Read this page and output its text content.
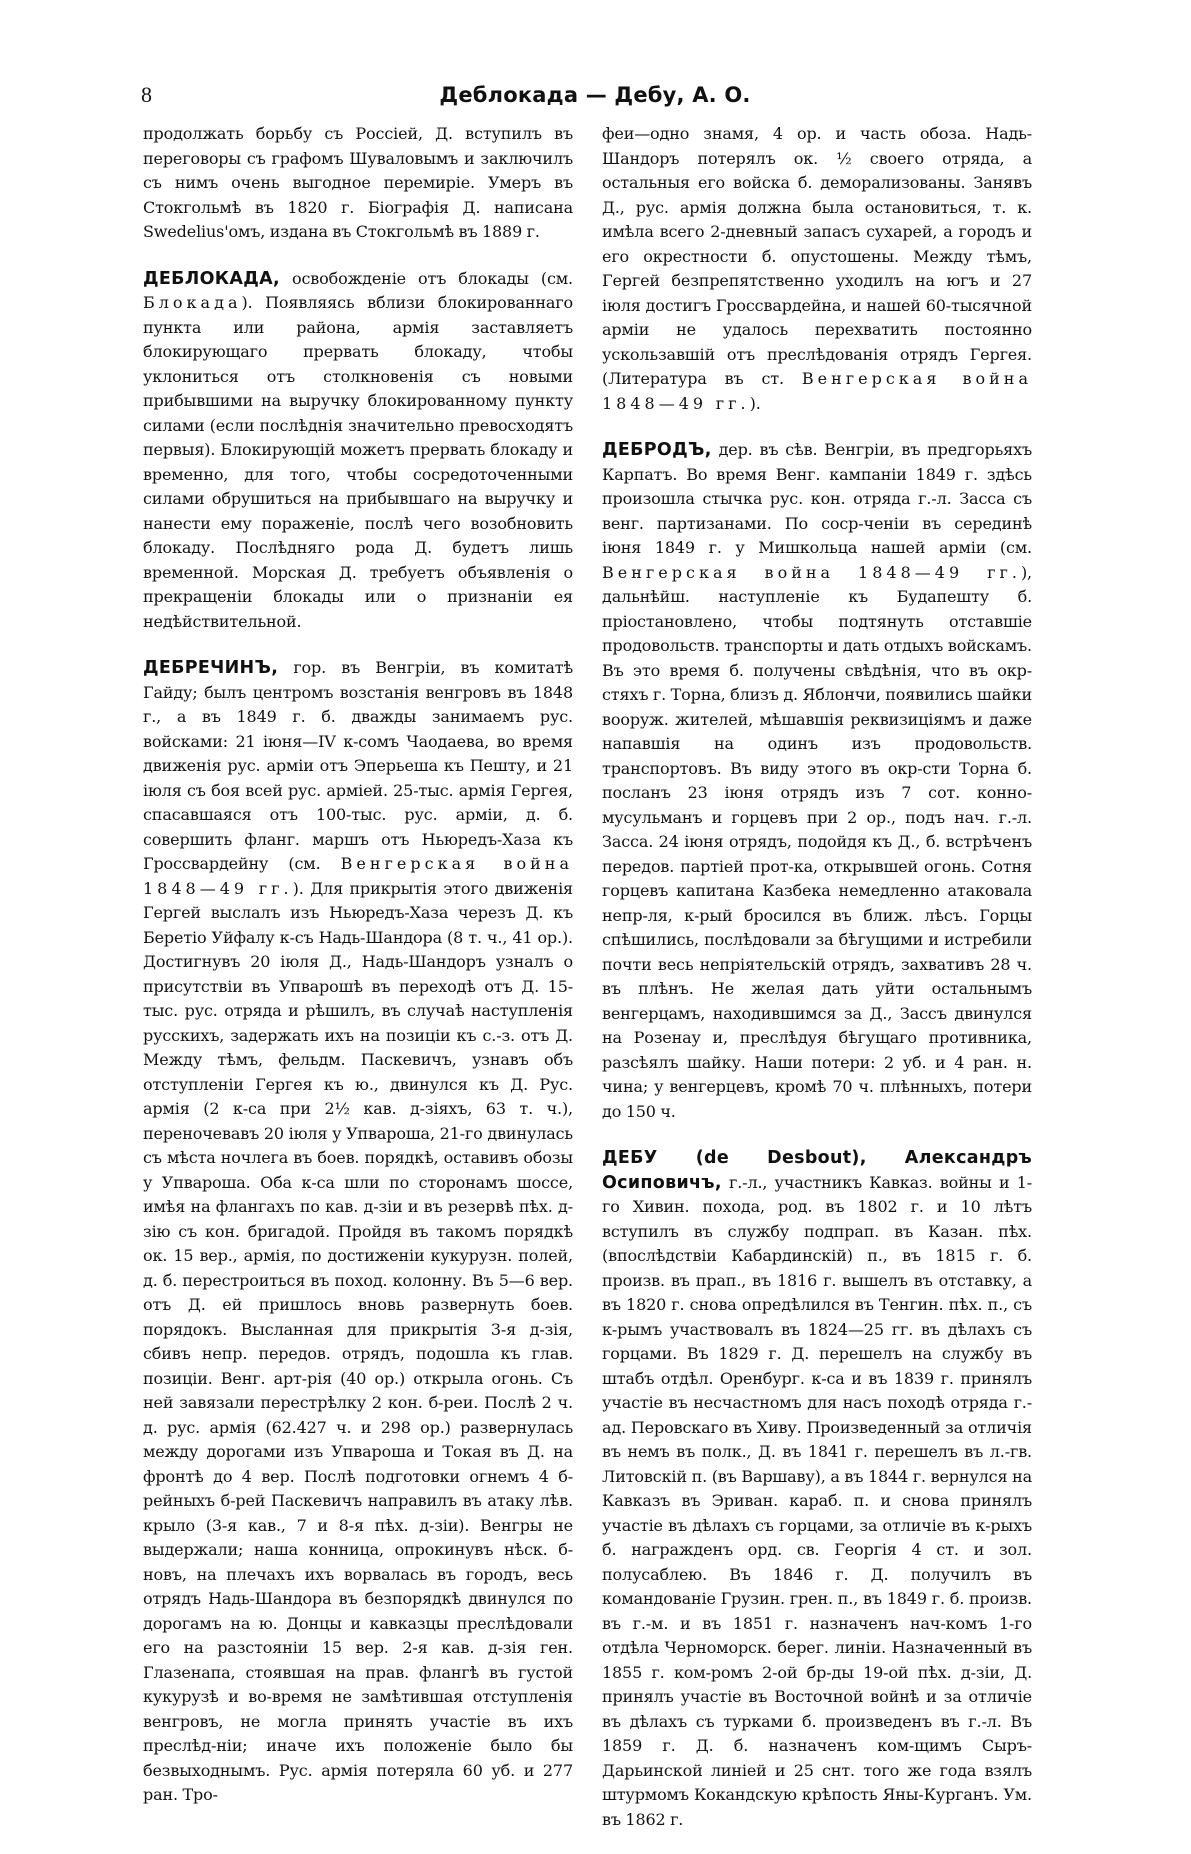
8	Деблокада — Дебу, А. О.

продолжать борьбу съ Россіей, Д. вступилъ въ переговоры съ графомъ Шуваловымъ и заключилъ съ нимъ очень выгодное перемиріе. Умеръ въ Стокгольмѣ въ 1820 г. Біографія Д. написана Swedelius'омъ, издана въ Стокгольмѣ въ 1889 г.

ДЕБЛОКАДА, освобожденіе отъ блокады (см. Блокада). Появляясь вблизи блокированнаго пункта или района, армія заставляетъ блокирующаго прервать блокаду, чтобы уклониться отъ столкновенія съ новыми прибывшими на выручку блокированному пункту силами (если послѣднія значительно превосходятъ первыя). Блокирующій можетъ прервать блокаду и временно, для того, чтобы сосредоточенными силами обрушиться на прибывшаго на выручку и нанести ему пораженіе, послѣ чего возобновить блокаду. Послѣдняго рода Д. будетъ лишь временной. Морская Д. требуетъ объявленія о прекращеніи блокады или о признаніи ея недѣйствительной.

ДЕБРЕЧИНЪ, гор. въ Венгріи, въ комитатѣ Гайду; былъ центромъ возстанія венгровъ въ 1848 г., а въ 1849 г. б. дважды занимаемъ рус. войсками: 21 іюня—IV к-сомъ Чаодаева, во время движенія рус. арміи отъ Эперьеша къ Пешту, и 21 іюля съ боя всей рус. арміей. 25-тыс. армія Гергея, спасавшаяся отъ 100-тыс. рус. арміи, д. б. совершить фланг. маршъ отъ Ньюредъ-Хаза къ Гроссвардейну (см. Венгерская война 1848—49 гг.). Для прикрытія этого движенія Гергей выслалъ изъ Ньюредъ-Хаза черезъ Д. къ Беретіо Уйфалу к-съ Надь-Шандора (8 т. ч., 41 ор.). Достигнувъ 20 іюля Д., Надь-Шандоръ узналъ о присутствіи въ Упварошѣ въ переходѣ отъ Д. 15-тыс. рус. отряда и рѣшилъ, въ случаѣ наступленія русскихъ, задержать ихъ на позиціи къ с.-з. отъ Д. Между тѣмъ, фельдм. Паскевичъ, узнавъ объ отступленіи Гергея къ ю., двинулся къ Д. Рус. армія (2 к-са при 2½ кав. д-зіяхъ, 63 т. ч.), переночевавъ 20 іюля у Упвароша, 21-го двинулась съ мѣста ночлега въ боев. порядкѣ, оставивъ обозы у Упвароша. Оба к-са шли по сторонамъ шоссе, имѣя на флангахъ по кав. д-зіи и въ резервѣ пѣх. д-зію съ кон. бригадой. Пройдя въ такомъ порядкѣ ок. 15 вер., армія, по достиженіи кукурузн. полей, д. б. перестроиться въ поход. колонну. Въ 5—6 вер. отъ Д. ей пришлось вновь развернуть боев. порядокъ. Высланная для прикрытія 3-я д-зія, сбивъ непр. передов. отрядъ, подошла къ глав. позиціи. Венг. арт-рія (40 ор.) открыла огонь. Съ ней завязали перестрѣлку 2 кон. б-реи. Послѣ 2 ч. д. рус. армія (62.427 ч. и 298 ор.) развернулась между дорогами изъ Упвароша и Токая въ Д. на фронтѣ до 4 вер. Послѣ подготовки огнемъ 4 б-рейныхъ б-рей Паскевичъ направилъ въ атаку лѣв. крыло (3-я кав., 7 и 8-я пѣх. д-зіи). Венгры не выдержали; наша конница, опрокинувъ нѣск. б-новъ, на плечахъ ихъ ворвалась въ городъ, весь отрядъ Надь-Шандора въ безпорядкѣ двинулся по дорогамъ на ю. Донцы и кавказцы преслѣдовали его на разстояніи 15 вер. 2-я кав. д-зія ген. Глазенапа, стоявшая на прав. флангѣ въ густой кукурузѣ и во-время не замѣтившая отступленія венгровъ, не могла принять участіе въ ихъ преслѣд-ніи; иначе ихъ положеніе было бы безвыходнымъ. Рус. армія потеряла 60 уб. и 277 ран. Тро-

феи—одно знамя, 4 ор. и часть обоза. Надь-Шандоръ потерялъ ок. ½ своего отряда, а остальныя его войска б. деморализованы. Занявъ Д., рус. армія должна была остановиться, т. к. имѣла всего 2-дневный запасъ сухарей, а городъ и его окрестности б. опустошены. Между тѣмъ, Гергей безпрепятственно уходилъ на югъ и 27 іюля достигъ Гроссвардейна, и нашей 60-тысячной арміи не удалось перехватить постоянно ускользавшій отъ преслѣдованія отрядъ Гергея. (Литература въ ст. Венгерская война 1848—49 гг.).

ДЕБРОДЪ, дер. въ сѣв. Венгріи, въ предгорьяхъ Карпатъ. Во время Венг. кампаніи 1849 г. здѣсь произошла стычка рус. кон. отряда г.-л. Засса съ венг. партизанами. По соср-ченіи въ серединѣ іюня 1849 г. у Мишкольца нашей арміи (см. Венгерская война 1848—49 гг.), дальнѣйш. наступленіе къ Будапешту б. пріостановлено, чтобы подтянуть отставшіе продовольств. транспорты и дать отдыхъ войскамъ. Въ это время б. получены свѣдѣнія, что въ окр-стяхъ г. Торна, близъ д. Яблончи, появились шайки вооруж. жителей, мѣшавшія реквизиціямъ и даже напавшія на одинъ изъ продовольств. транспортовъ. Въ виду этого въ окр-сти Торна б. посланъ 23 іюня отрядъ изъ 7 сот. конно-мусульманъ и горцевъ при 2 ор., подъ нач. г.-л. Засса. 24 іюня отрядъ, подойдя къ Д., б. встрѣченъ передов. партіей прот-ка, открывшей огонь. Сотня горцевъ капитана Казбека немедленно атаковала непр-ля, к-рый бросился въ ближ. лѣсъ. Горцы спѣшились, послѣдовали за бѣгущими и истребили почти весь непріятельскій отрядъ, захвативъ 28 ч. въ плѣнъ. Не желая дать уйти остальнымъ венгерцамъ, находившимся за Д., Зассъ двинулся на Розенау и, преслѣдуя бѣгущаго противника, разсѣялъ шайку. Наши потери: 2 уб. и 4 ран. н. чина; у венгерцевъ, кромѣ 70 ч. плѣнныхъ, потери до 150 ч.

ДЕБУ (de Desbout), Александръ Осиповичъ, г.-л., участникъ Кавказ. войны и 1-го Хивин. похода, род. въ 1802 г. и 10 лѣтъ вступилъ въ службу подпрап. въ Казан. пѣх. (впослѣдствіи Кабардинскій) п., въ 1815 г. б. произв. въ прап., въ 1816 г. вышелъ въ отставку, а въ 1820 г. снова опредѣлился въ Тенгин. пѣх. п., съ к-рымъ участвовалъ въ 1824—25 гг. въ дѣлахъ съ горцами. Въ 1829 г. Д. перешелъ на службу въ штабъ отдѣл. Оренбург. к-са и въ 1839 г. принялъ участіе въ несчастномъ для насъ походѣ отряда г.-ад. Перовскаго въ Хиву. Произведенный за отличія въ немъ въ полк., Д. въ 1841 г. перешелъ въ л.-гв. Литовскій п. (въ Варшаву), а въ 1844 г. вернулся на Кавказъ въ Эриван. караб. п. и снова принялъ участіе въ дѣлахъ съ горцами, за отличіе въ к-рыхъ б. награжденъ орд. св. Георгія 4 ст. и зол. полусаблею. Въ 1846 г. Д. получилъ въ командованіе Грузин. грен. п., въ 1849 г. б. произв. въ г.-м. и въ 1851 г. назначенъ нач-комъ 1-го отдѣла Черноморск. берег. линіи. Назначенный въ 1855 г. ком-ромъ 2-ой бр-ды 19-ой пѣх. д-зіи, Д. принялъ участіе въ Восточной войнѣ и за отличіе въ дѣлахъ съ турками б. произведенъ въ г.-л. Въ 1859 г. Д. б. назначенъ ком-щимъ Сыръ-Дарьинской линіей и 25 снт. того же года взялъ штурмомъ Кокандскую крѣпость Яны-Курганъ. Ум. въ 1862 г.
